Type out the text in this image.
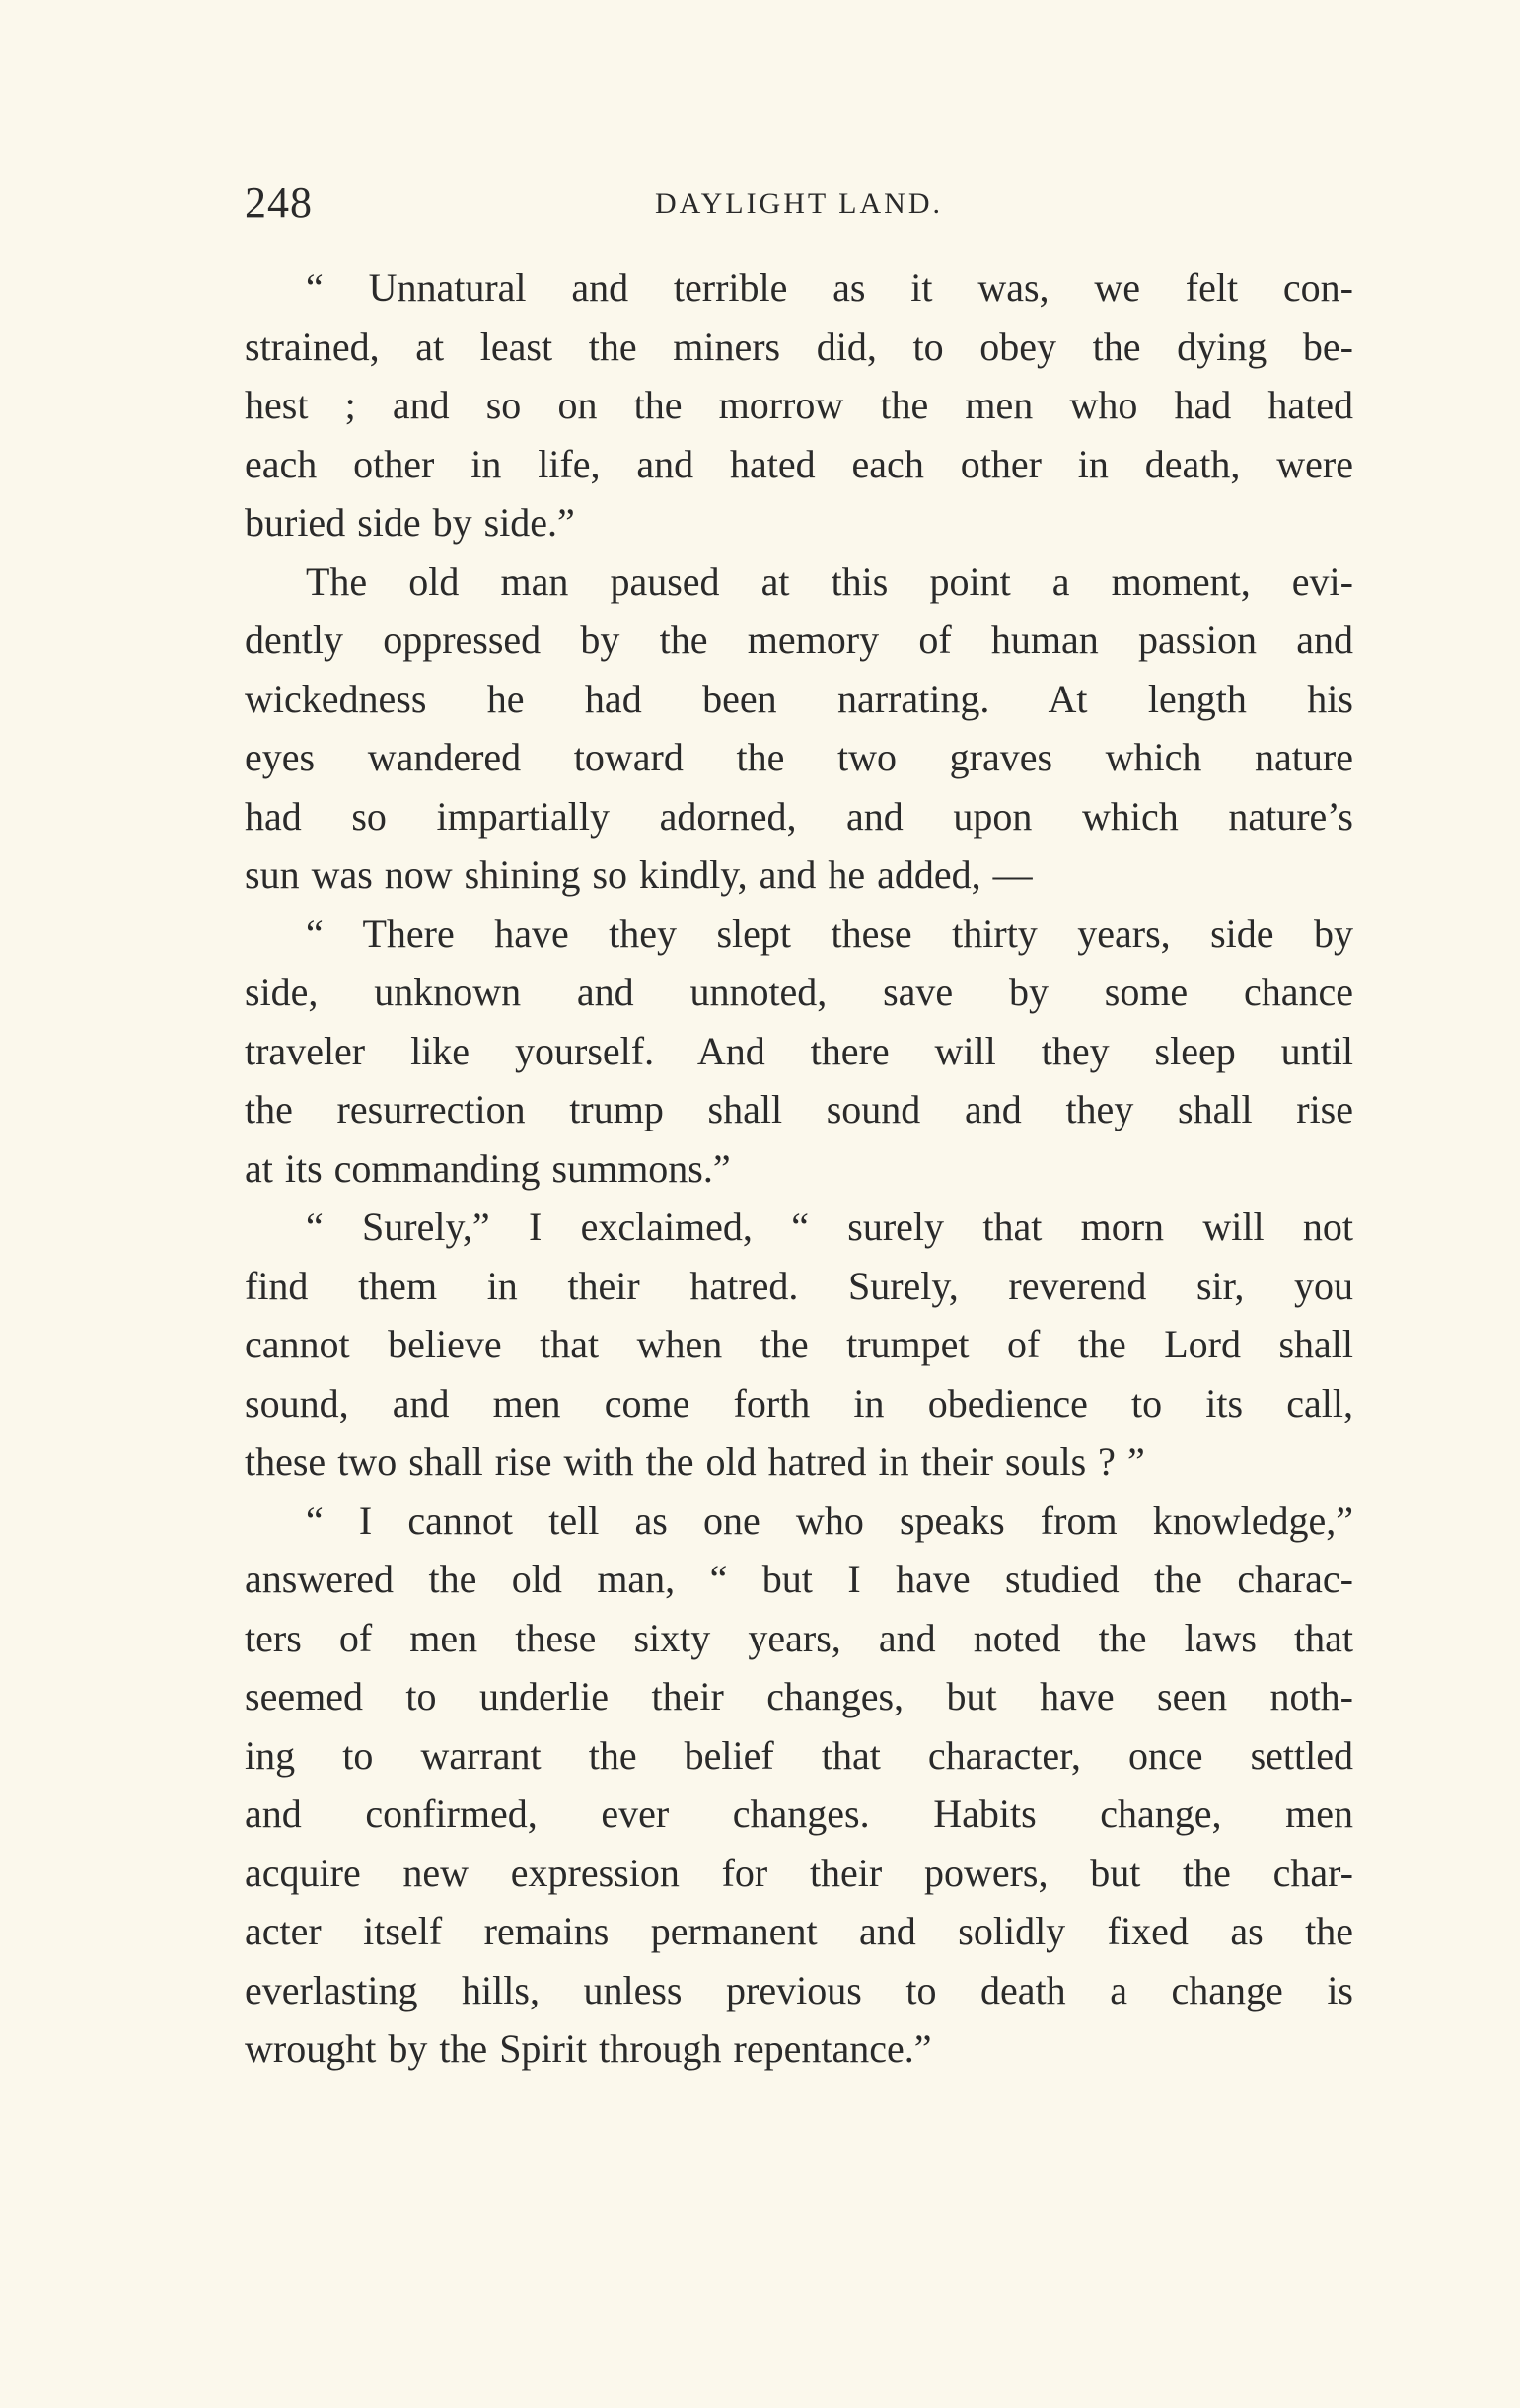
248	DAYLIGHT LAND.
“ Unnatural and terrible as it was, we felt con-
strained, at least the miners did, to obey the dying be-
hest ; and so on the morrow the men who had hated
each other in life, and hated each other in death, were
buried side by side.”
The old man paused at this point a moment, evi-
dently oppressed by the memory of human passion and
wickedness he had been narrating. At length his
eyes wandered toward the two graves which nature
had so impartially adorned, and upon which nature’s
sun was now shining so kindly, and he added, —
“ There have they slept these thirty years, side by
side, unknown and unnoted, save by some chance
traveler like yourself. And there will they sleep until
the resurrection trump shall sound and they shall rise
at its commanding summons.”
“ Surely,” I exclaimed, “ surely that morn will not
find them in their hatred. Surely, reverend sir, you
cannot believe that when the trumpet of the Lord shall
sound, and men come forth in obedience to its call,
these two shall rise with the old hatred in their souls ? ”
“ I cannot tell as one who speaks from knowledge,”
answered the old man, “ but I have studied the charac-
ters of men these sixty years, and noted the laws that
seemed to underlie their changes, but have seen noth-
ing to warrant the belief that character, once settled
and confirmed, ever changes. Habits change, men
acquire new expression for their powers, but the char-
acter itself remains permanent and solidly fixed as the
everlasting hills, unless previous to death a change is
wrought by the Spirit through repentance.”
